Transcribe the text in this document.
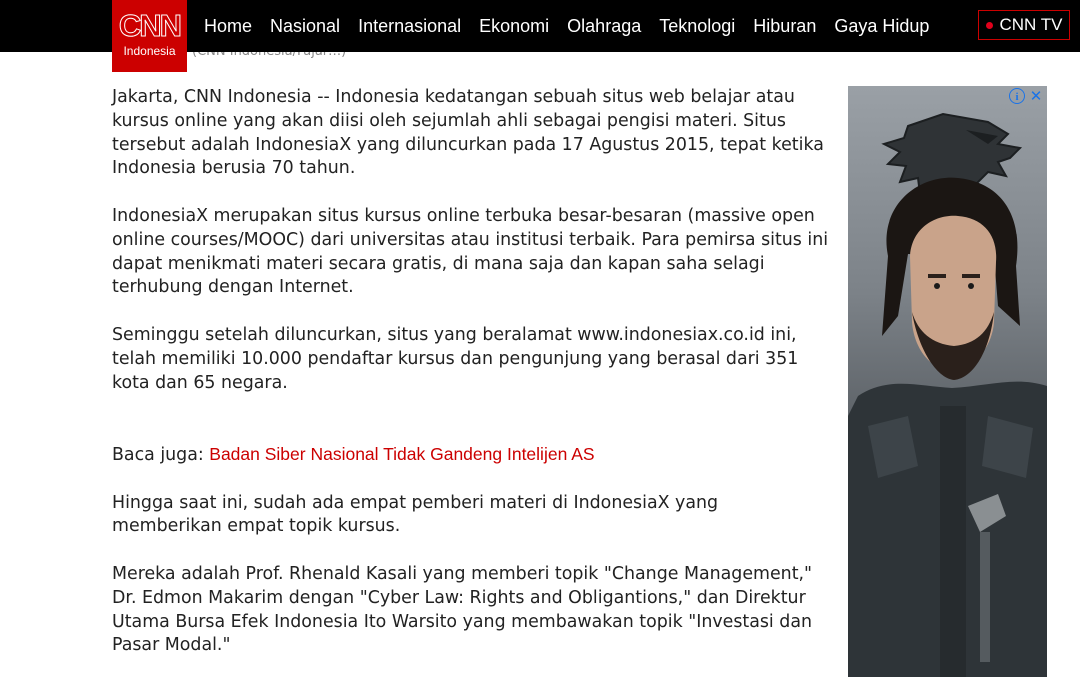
Home Nasional Internasional Ekonomi Olahraga Teknologi Hiburan Gaya Hidup	CNN TV
CNN
Indonesia

Jakarta, CNN Indonesia -- Indonesia kedatangan sebuah situs web belajar atau kursus online yang akan diisi oleh sejumlah ahli sebagai pengisi materi. Situs tersebut adalah IndonesiaX yang diluncurkan pada 17 Agustus 2015, tepat ketika Indonesia berusia 70 tahun.

IndonesiaX merupakan situs kursus online terbuka besar-besaran (massive open online courses/MOOC) dari universitas atau institusi terbaik. Para pemirsa situs ini dapat menikmati materi secara gratis, di mana saja dan kapan saha selagi terhubung dengan Internet.

Seminggu setelah diluncurkan, situs yang beralamat www.indonesiax.co.id ini, telah memiliki 10.000 pendaftar kursus dan pengunjung yang berasal dari 351 kota dan 65 negara.

Baca juga: Badan Siber Nasional Tidak Gandeng Intelijen AS

Hingga saat ini, sudah ada empat pemberi materi di IndonesiaX yang memberikan empat topik kursus.

Mereka adalah Prof. Rhenald Kasali yang memberi topik "Change Management," Dr. Edmon Makarim dengan "Cyber Law: Rights and Obligantions," dan Direktur Utama Bursa Efek Indonesia Ito Warsito yang membawakan topik "Investasi dan Pasar Modal."

i ✕
